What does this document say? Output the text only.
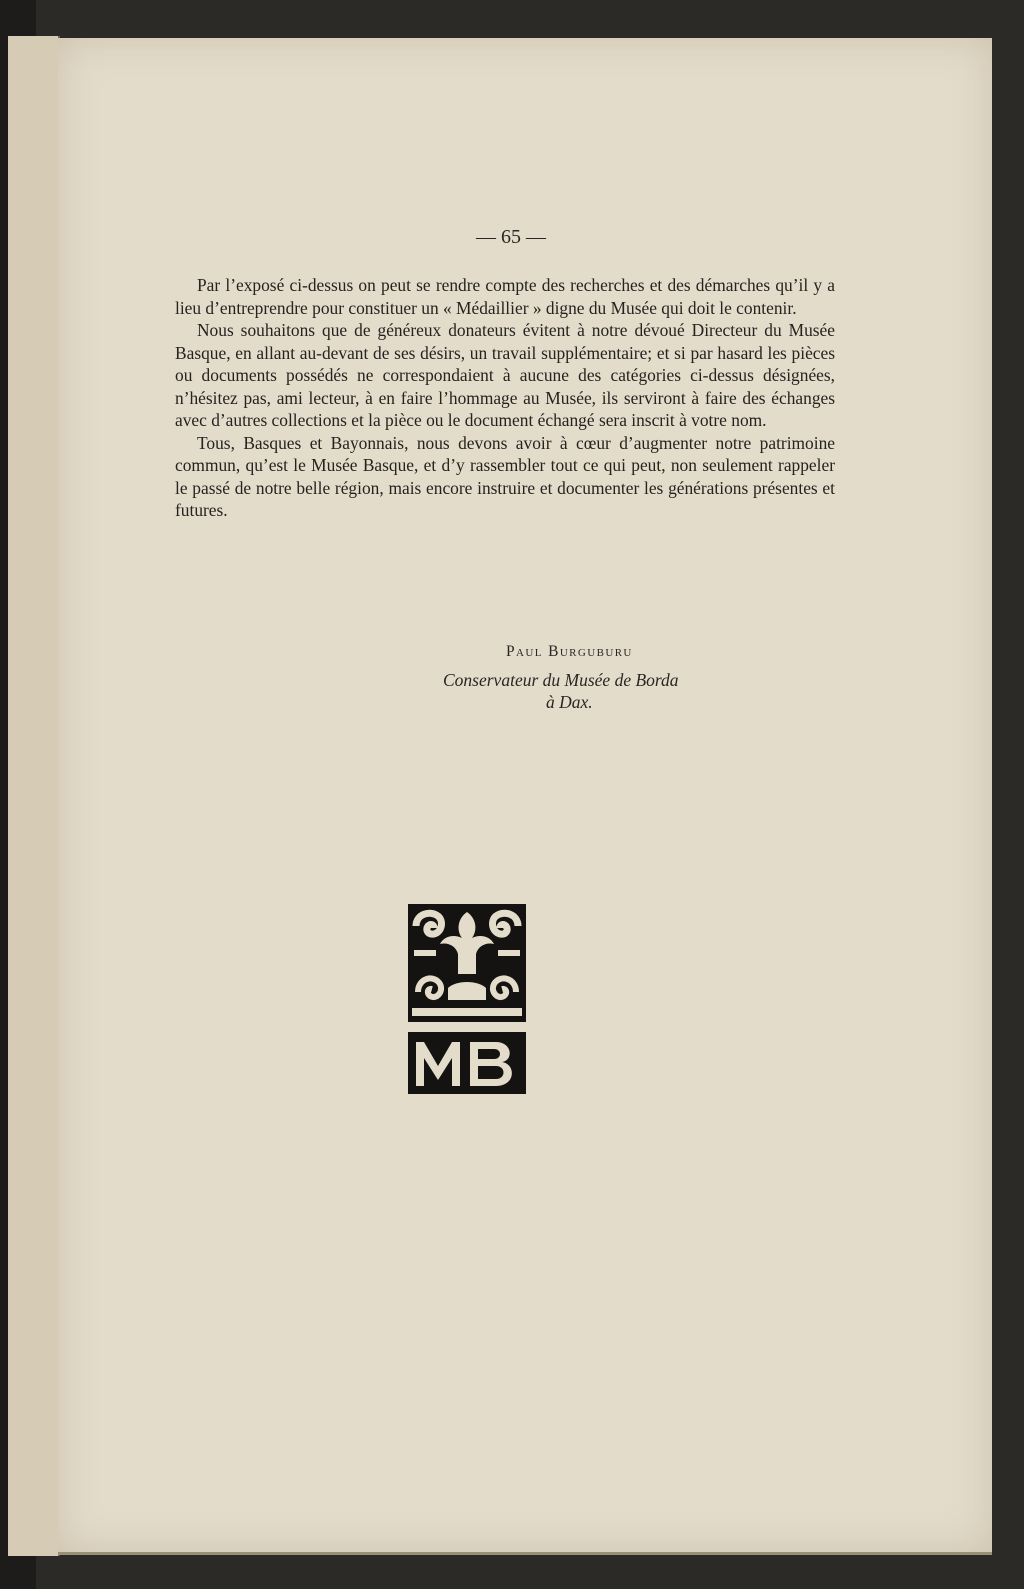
— 65 —

Par l’exposé ci-dessus on peut se rendre compte des recherches et des démarches qu’il y a lieu d’entreprendre pour constituer un « Médaillier » digne du Musée qui doit le contenir.

Nous souhaitons que de généreux donateurs évitent à notre dévoué Directeur du Musée Basque, en allant au-devant de ses désirs, un travail supplémentaire; et si par hasard les pièces ou documents possédés ne correspondaient à aucune des catégories ci-dessus désignées, n’hésitez pas, ami lecteur, à en faire l’hommage au Musée, ils serviront à faire des échanges avec d’autres collections et la pièce ou le document échangé sera inscrit à votre nom.

Tous, Basques et Bayonnais, nous devons avoir à cœur d’augmenter notre patrimoine commun, qu’est le Musée Basque, et d’y rassembler tout ce qui peut, non seulement rappeler le passé de notre belle région, mais encore instruire et documenter les générations présentes et futures.

Paul Burguburu
Conservateur du Musée de Borda
à Dax.
